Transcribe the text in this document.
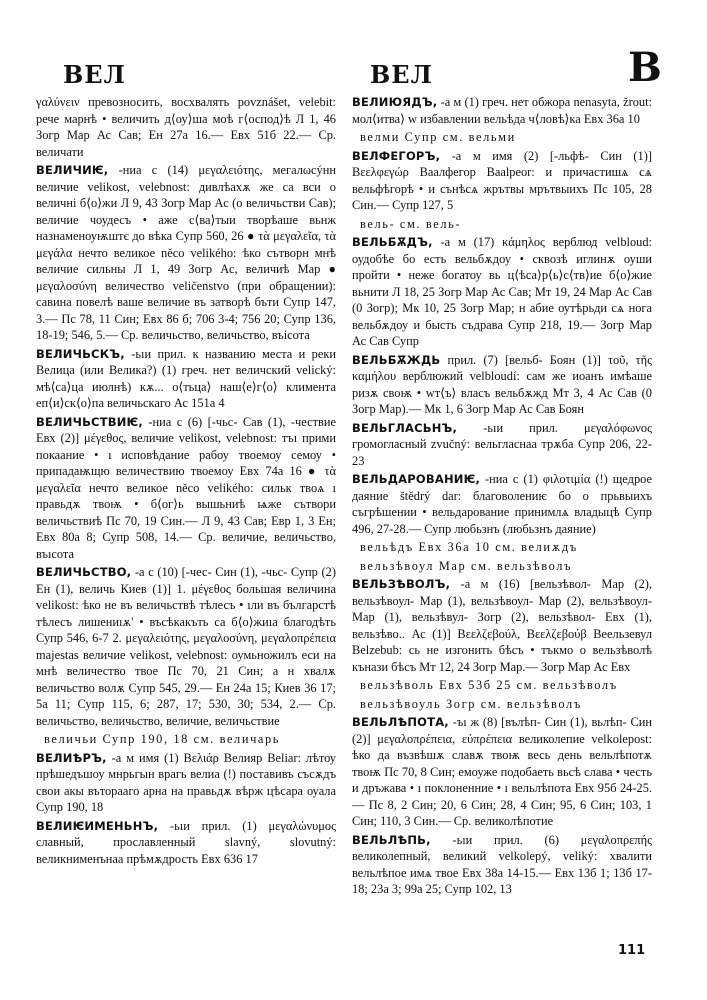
ВЕЛ	ВЕЛ	В

γαλύνειν превозносить, восхвалять povznášet, velebit: рече марнѣ • величить д⟨оу⟩ша моѣ г⟨оспод⟩ѣ Л 1, 46 Зогр Мар Ас Сав; Ен 27а 16.— Евх 51б 22.— Ср. величати

ВЕЛИЧИѤ, -ниа с (14) μεγαλειότης, мегалωсýнн величие velikost, velebnost: дивлѣахѫ же са вси о величні б⟨о⟩жи Л 9, 43 Зогр Мар Ас (о величьстви Сав); величие чоудесъ • аже с⟨ва⟩тыи творѣаше вьнж назнаменоуѭштє до вѣка Супр 560, 26 ● τὰ μεγαλεῖα, τὰ μεγάλα нечто великое něco velikého: ѣко сътворн мнѣ величие сильны Л 1, 49 Зогр Ас, величиѣ Мар ● μεγαλοσύνη величество veličenstvo (при обращении): савина повелѣ ваше величие въ затворѣ бъти Супр 147, 3.— Пс 78, 11 Син; Евх 86 б; 706 3-4; 756 20; Супр 136, 18-19; 546, 5.— Ср. величьство, величьство, въісота

ВЕЛИЧЬСКЪ, -ьıи прил. к названию места и реки Велица (или Велика?) (1) греч. нет величский velický: мѣ⟨са⟩ца июлнѣ) кѫ... о⟨тьца⟩ наш⟨е⟩г⟨о⟩ климента еп⟨и⟩ск⟨о⟩па величьскаго Ас 151а 4

ВЕЛИЧЬСТВИѤ, -ниа с (6) [-чьс- Сав (1), -чествие Евх (2)] μέγεθος, величие velikost, velebnost: тъı прими покаание • ı исповѣдание рабоу твоемоу семоу • припадаѭщю величествию твоемоу Евх 74а 16 ● τὰ μεγαλεῖα нечто великое něco velikého: сильк твоѧ ı правьдѫ твоѭ • б⟨ог⟩ь вышьниѣ ѩже сътвори величьствиѣ Пс 70, 19 Син.— Л 9, 43 Сав; Евр 1, 3 Ен; Евх 80а 8; Супр 508, 14.— Ср. величие, величьство, въıсота

ВЕЛИЧЬСТВО, -а с (10) [-чес- Син (1), -чьс- Супр (2) Ен (1), величь Киев (1)] 1. μέγεθος большая величина velikost: ѣко не въ величьствѣ тѣлесъ • ıли въ българстѣ тѣлесъ лишениıѫ' • въсѣкакъть са б⟨о⟩жиıа благодѣть Супр 546, 6-7 2. μεγαλειότης, μεγαλοσύνη, μεγαλοπρέπεια majestas величие velikost, velebnost: оумьножилъ еси на мнѣ величество твое Пс 70, 21 Син; а н хвалѫ величьство волѫ Супр 545, 29.— Ен 24а 15; Киев 36 17; 5а 11; Супр 115, 6; 287, 17; 530, 30; 534, 2.— Ср. величьство, величьство, величие, величьствие

величьи Супр 190, 18 см. величарь

ВЕЛИѢРЪ, -а м имя (1) Βελιάρ Велияр Beliar: лѣтоу прѣшедъшоу мнрьгын врагь велиа (!) поставивъ съсѫдъ свои акы въторааго арна на правьдѫ вѣрж цѣсара оуала Супр 190, 18

ВЕЛИѤИМЕНЬНЪ, -ьıи прил. (1) μεγαλώνυμος славный, прославленный slavný, slovutný: великнименънаа прѣмѫдрость Евх 636 17

ВЕЛИЮЯДЪ, -а м (1) греч. нет обжора nenasyta, žrout: мол⟨итва⟩ w избавлении вельѣда ч⟨ловѣ⟩ка Евх 36а 10

велми Супр см. вельми

ВЕЛФЕГОРЪ, -а м имя (2) [-льфѣ- Син (1)] Βεελφεγώρ Ваалфегор Baalpeor: и причастишѧ сѧ вельфѣгорѣ • и сънѣсѧ жрътвы мрътвыихъ Пс 105, 28 Син.— Супр 127, 5

вель- см. вель-

ВЕЛЬБѪДЪ, -а м (17) κάμηλος верблюд velbloud: оудобѣе бо есть вельбѫдоу • сквозѣ иглинѫ оуши пройти • неже богатоу вь ц⟨ѣса⟩р⟨ь⟩с⟨тв⟩ие б⟨о⟩жие вьнити Л 18, 25 Зогр Мар Ас Сав; Мт 19, 24 Мар Ас Сав (0 Зогр); Мк 10, 25 Зогр Мар; н абие оутѣрьди сѧ нога вельбѫдоу и бысть съдрава Супр 218, 19.— Зогр Мар Ас Сав Супр

ВЕЛЬБѪЖДЬ прил. (7) [вельб- Боян (1)] τοῦ, τῆς καμήλου верблюжий velbloudí: сам же иоанъ имѣаше ризѫ своѭ • wт⟨ъ⟩ власъ вельбѫжд Мт 3, 4 Ас Сав (0 Зогр Мар).— Мк 1, 6 Зогр Мар Ас Сав Боян

ВЕЛЬГЛАСЬНЪ, -ьıи прил. μεγαλόφωνος громогласный zvučný: вельгласнаа трѫба Супр 206, 22-23

ВЕЛЬДАРОВАНИѤ, -ниа с (1) φιλοτιμία (!) щедрое даяние štědrý dar: благоволениѥ бо о прьвыихъ съгрѣшении • вельдарование принимлѧ владыцѣ Супр 496, 27-28.— Супр любьзнъ (любьзнъ даяние)

вельѣдъ Евх 36а 10 см. велиѫдъ

вельзѣвоул Мар см. вельзѣволъ

ВЕЛЬЗѢВОЛЪ, -а м (16) [вельзѣвол- Мар (2), вельзѣвоул- Мар (1), вельзѣвоул- Мар (2), вельзѣвоул- Мар (1), вельзѣвул- Зогр (2), вельзѣвол- Евх (1), вельзѣво.. Ас (1)] Βεελζεβούλ, Βεελζεβούβ Веельзевул Belzebub: сь не изгонить бѣсъ • тъкмо о вельзѣволѣ кънази бѣсъ Мт 12, 24 Зогр Мар.— Зогр Мар Ас Евх

вельзѣволь Евх 53б 25 см. вельзѣволъ

вельзѣвоуль Зогр см. вельзѣволъ

ВЕЛЬЛѢПОТА, -ъı ж (8) [вълѣп- Син (1), вьлѣп- Син (2)] μεγαλοπρέπεια, εὐπρέπεια великолепие velkolepost: ѣко да възвѣшѫ славѫ твоѭ весь день вельлѣпотѫ твоѭ Пс 70, 8 Син; емоуже подобаеть вьсѣ слава • честь и дръжава • ı поклоненние • ı вельлѣпота Евх 95б 24-25.— Пс 8, 2 Син; 20, 6 Син; 28, 4 Син; 95, 6 Син; 103, 1 Син; 110, 3 Син.— Ср. великолѣпотие

ВЕЛЬЛѢПЬ, -ьıи прил. (6) μεγαλοπρεπής великолепный, великий velkolepý, veliký: хвалити вельлѣпое имѧ твое Евх 38а 14-15.— Евх 13б 1; 13б 17-18; 23а 3; 99а 25; Супр 102, 13

111
